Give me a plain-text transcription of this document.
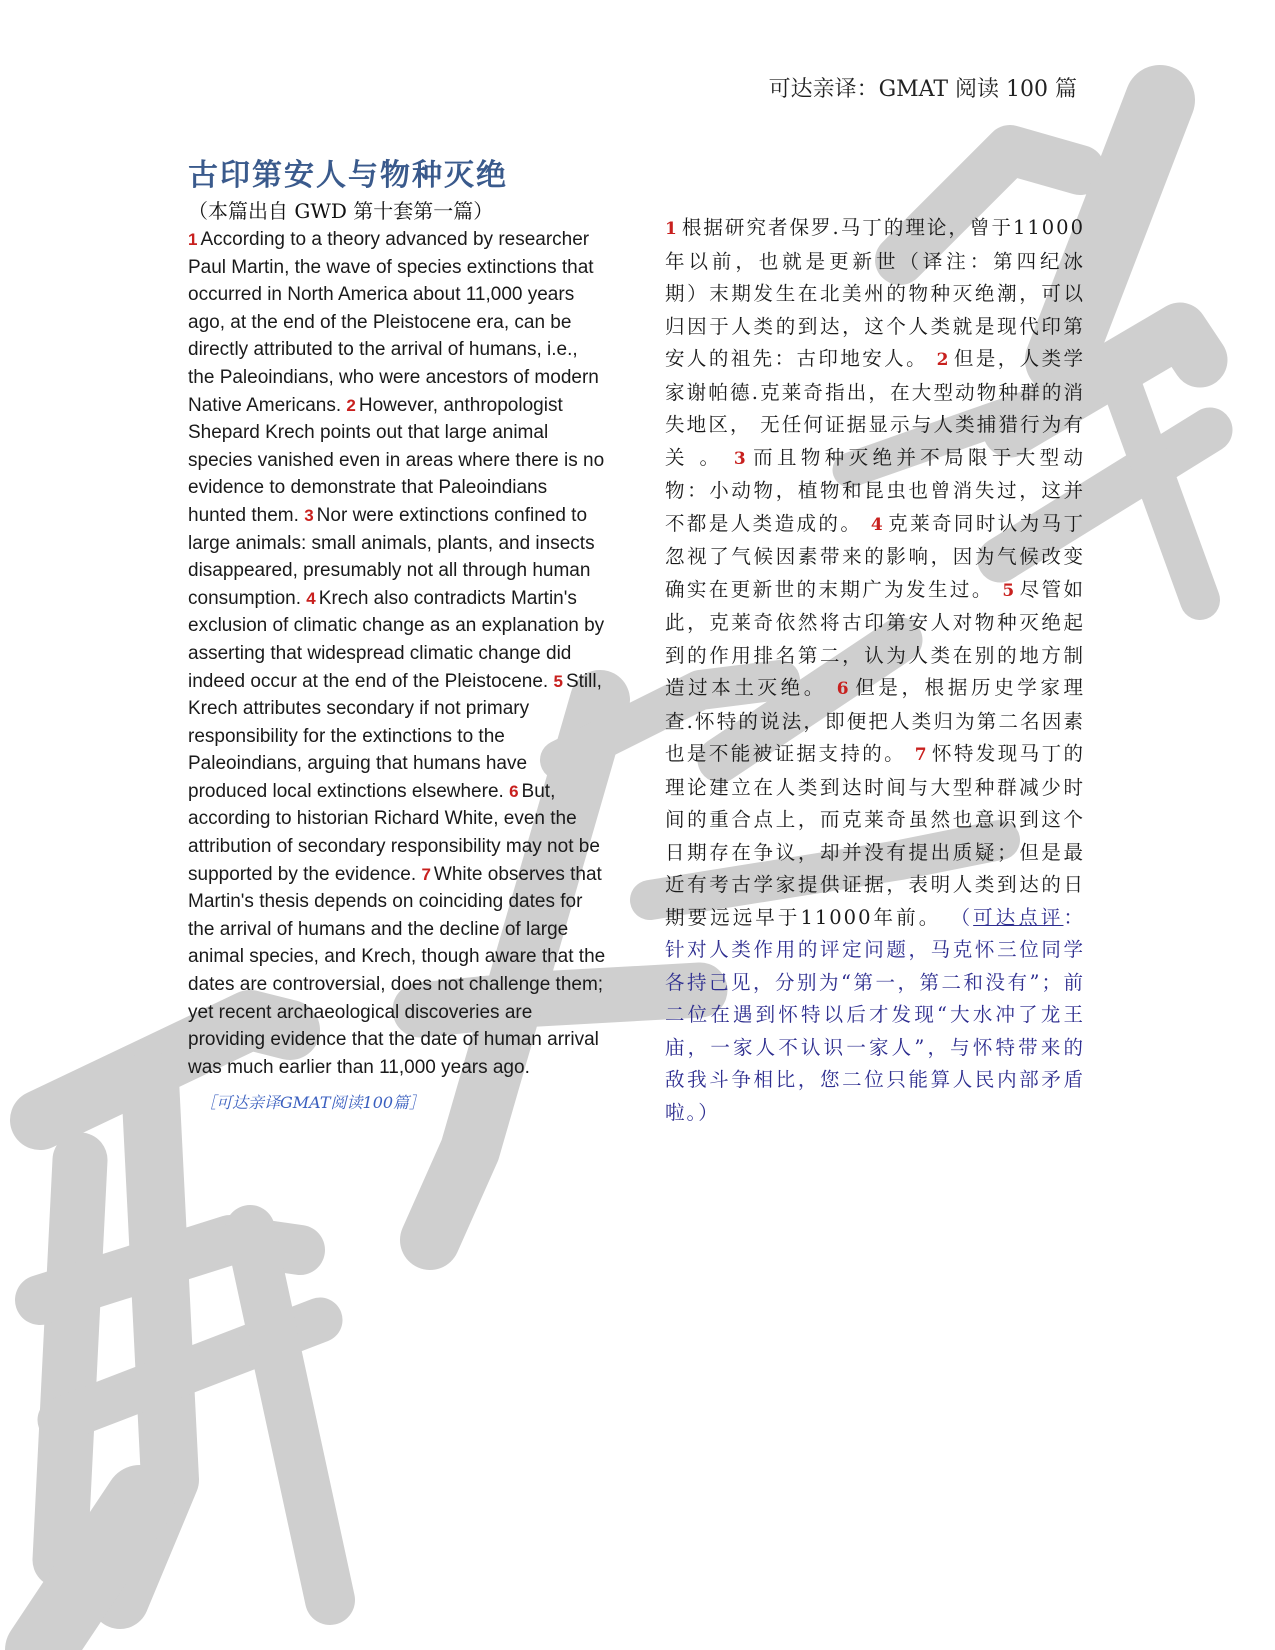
可达亲译：GMAT 阅读 100 篇
古印第安人与物种灭绝
（本篇出自 GWD 第十套第一篇）
1 According to a theory advanced by researcher Paul Martin, the wave of species extinctions that occurred in North America about 11,000 years ago, at the end of the Pleistocene era, can be directly attributed to the arrival of humans, i.e., the Paleoindians, who were ancestors of modern Native Americans. 2 However, anthropologist Shepard Krech points out that large animal species vanished even in areas where there is no evidence to demonstrate that Paleoindians hunted them. 3 Nor were extinctions confined to large animals: small animals, plants, and insects disappeared, presumably not all through human consumption. 4 Krech also contradicts Martin's exclusion of climatic change as an explanation by asserting that widespread climatic change did indeed occur at the end of the Pleistocene. 5 Still, Krech attributes secondary if not primary responsibility for the extinctions to the Paleoindians, arguing that humans have produced local extinctions elsewhere. 6 But, according to historian Richard White, even the attribution of secondary responsibility may not be supported by the evidence. 7 White observes that Martin's thesis depends on coinciding dates for the arrival of humans and the decline of large animal species, and Krech, though aware that the dates are controversial, does not challenge them; yet recent archaeological discoveries are providing evidence that the date of human arrival was much earlier than 11,000 years ago.
［可达亲译GMAT阅读100篇］
1 根据研究者保罗.马丁的理论，曾于11000年以前，也就是更新世（译注：第四纪冰期）末期发生在北美州的物种灭绝潮，可以归因于人类的到达，这个人类就是现代印第安人的祖先：古印地安人。 2 但是，人类学家谢帕德.克莱奇指出，在大型动物种群的消失地区， 无任何证据显示与人类捕猎行为有关 。 3 而且物种灭绝并不局限于大型动物：小动物，植物和昆虫也曾消失过，这并不都是人类造成的。 4 克莱奇同时认为马丁忽视了气候因素带来的影响，因为气候改变确实在更新世的末期广为发生过。 5 尽管如此，克莱奇依然将古印第安人对物种灭绝起到的作用排名第二，认为人类在别的地方制造过本土灭绝。 6 但是，根据历史学家理查.怀特的说法，即便把人类归为第二名因素也是不能被证据支持的。 7 怀特发现马丁的理论建立在人类到达时间与大型种群减少时间的重合点上，而克莱奇虽然也意识到这个日期存在争议，却并没有提出质疑；但是最近有考古学家提供证据，表明人类到达的日期要远远早于11000年前。 （可达点评：针对人类作用的评定问题，马克怀三位同学各持己见，分别为“第一，第二和没有”；前二位在遇到怀特以后才发现“大水冲了龙王庙，一家人不认识一家人”，与怀特带来的敌我斗争相比，您二位只能算人民内部矛盾啦。）
